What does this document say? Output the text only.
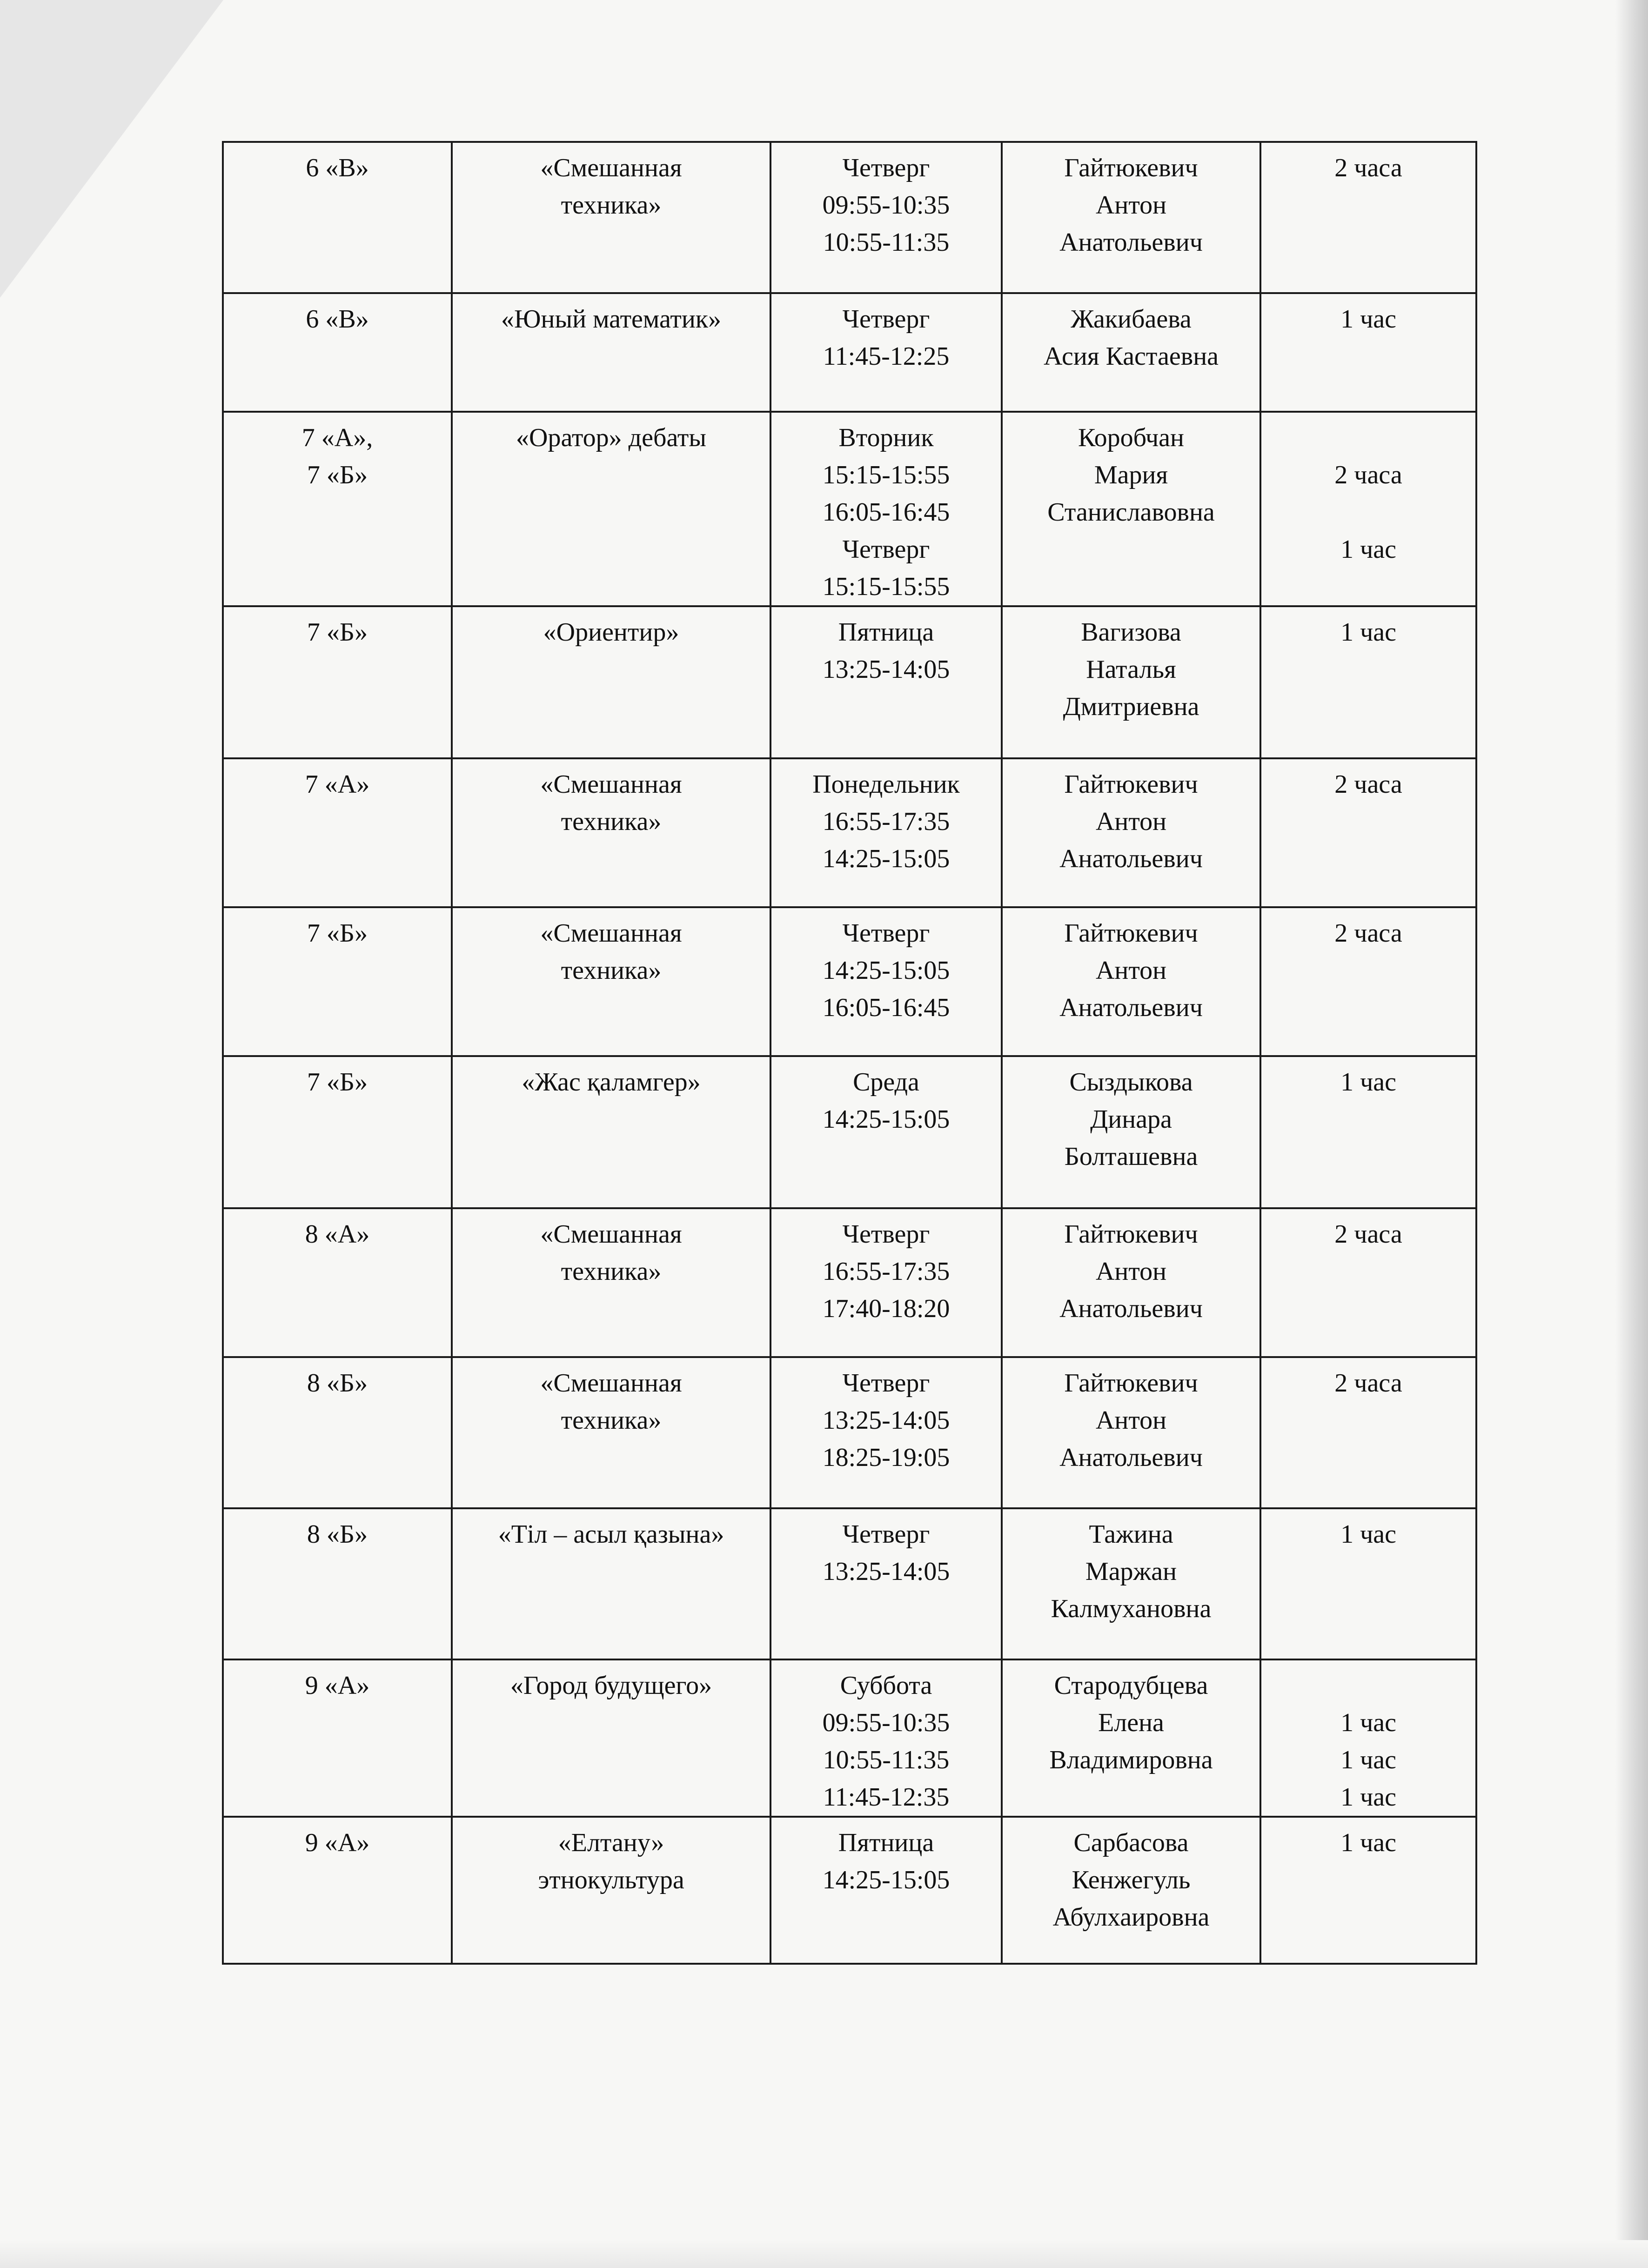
6 «В»	«Смешанная
техника»	Четверг
09:55-10:35
10:55-11:35	Гайтюкевич
Антон
Анатольевич	2 часа

6 «В»	«Юный математик»	Четверг
11:45-12:25	Жакибаева
Асия Кастаевна	1 час

7 «А»,
7 «Б»	«Оратор» дебаты	Вторник
15:15-15:55
16:05-16:45
Четверг
15:15-15:55	Коробчан
Мария
Станиславовна	2 часа
1 час

7 «Б»	«Ориентир»	Пятница
13:25-14:05	Вагизова
Наталья
Дмитриевна	1 час

7 «А»	«Смешанная
техника»	Понедельник
16:55-17:35
14:25-15:05	Гайтюкевич
Антон
Анатольевич	2 часа

7 «Б»	«Смешанная
техника»	Четверг
14:25-15:05
16:05-16:45	Гайтюкевич
Антон
Анатольевич	2 часа

7 «Б»	«Жас қаламгер»	Среда
14:25-15:05	Сыздыкова
Динара
Болташевна	1 час

8 «А»	«Смешанная
техника»	Четверг
16:55-17:35
17:40-18:20	Гайтюкевич
Антон
Анатольевич	2 часа

8 «Б»	«Смешанная
техника»	Четверг
13:25-14:05
18:25-19:05	Гайтюкевич
Антон
Анатольевич	2 часа

8 «Б»	«Тіл – асыл қазына»	Четверг
13:25-14:05	Тажина
Маржан
Калмухановна	1 час

9 «А»	«Город будущего»	Суббота
09:55-10:35
10:55-11:35
11:45-12:35	Стародубцева
Елена
Владимировна	1 час
1 час
1 час

9 «А»	«Елтану»
этнокультура	Пятница
14:25-15:05	Сарбасова
Кенжегуль
Абулхаировна	1 час
